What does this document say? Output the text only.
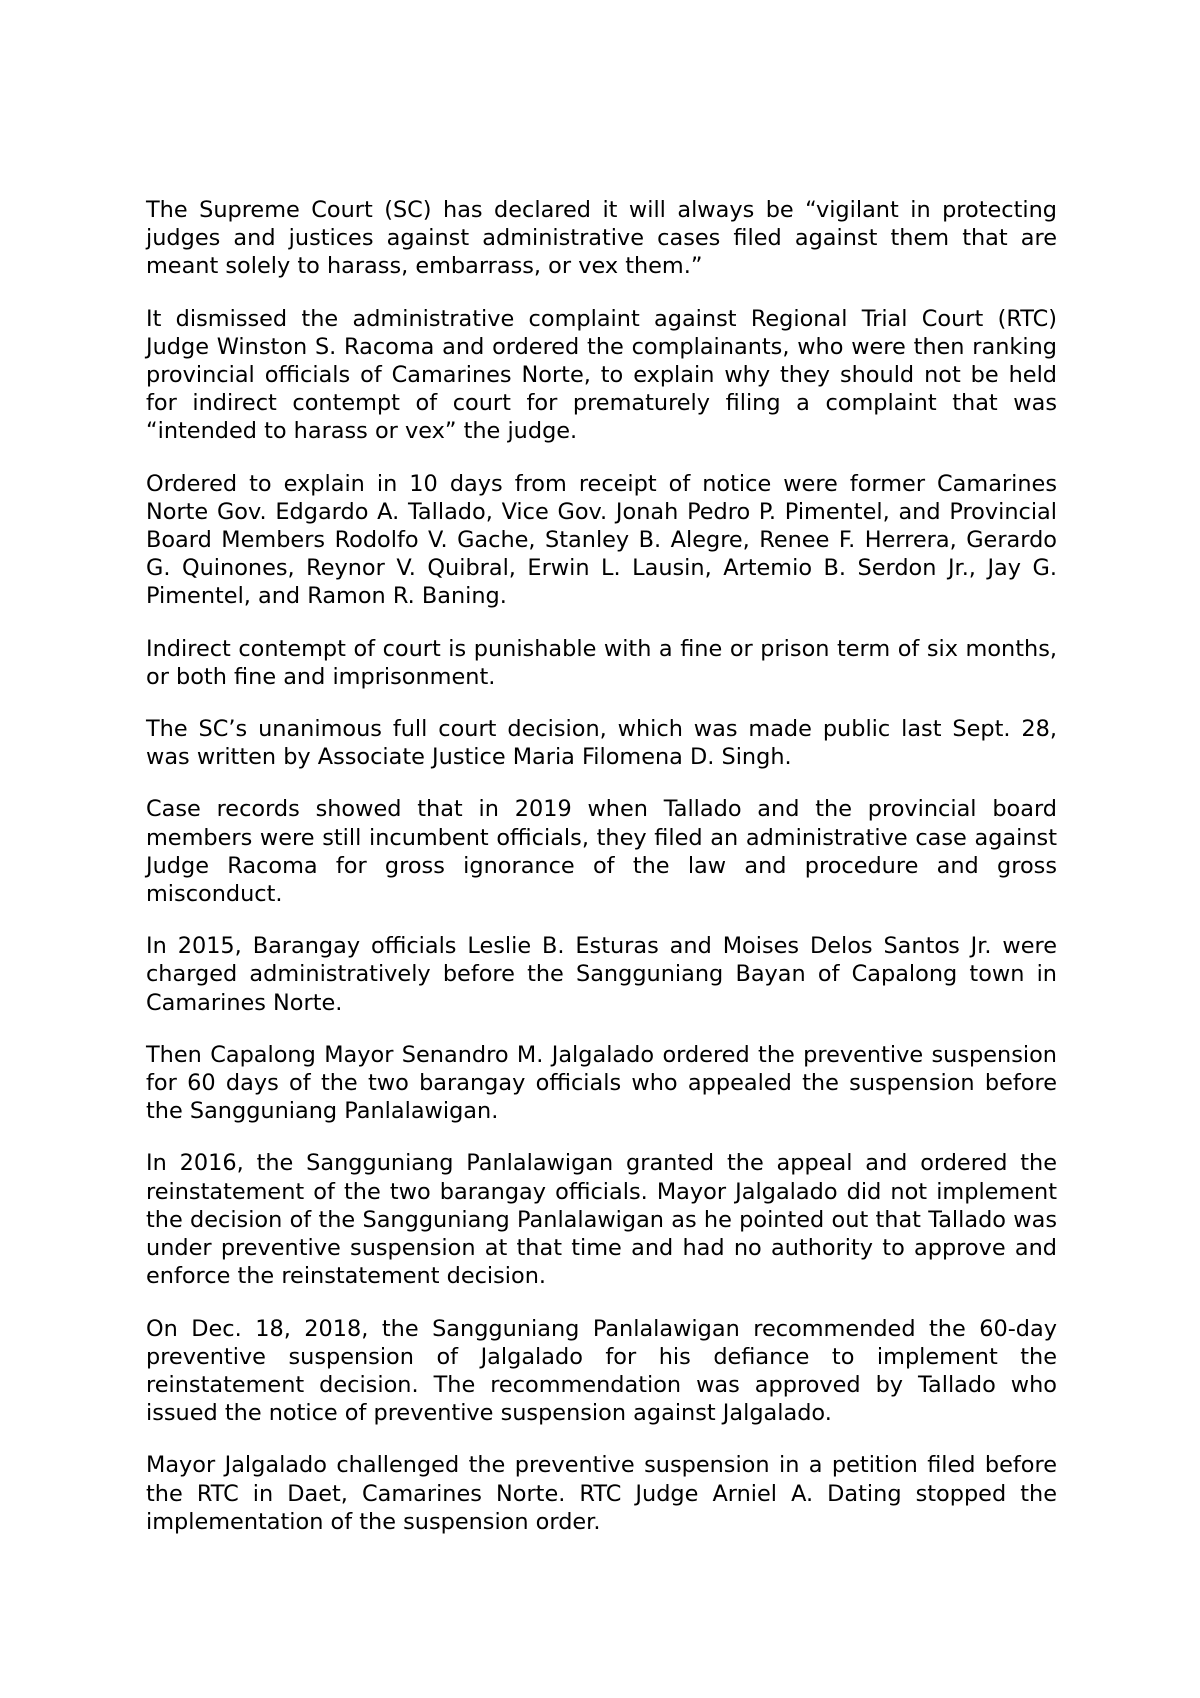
The Supreme Court (SC) has declared it will always be “vigilant in protecting judges and justices against administrative cases filed against them that are meant solely to harass, embarrass, or vex them.”

It dismissed the administrative complaint against Regional Trial Court (RTC) Judge Winston S. Racoma and ordered the complainants, who were then ranking provincial officials of Camarines Norte, to explain why they should not be held for indirect contempt of court for prematurely filing a complaint that was “intended to harass or vex” the judge.

Ordered to explain in 10 days from receipt of notice were former Camarines Norte Gov. Edgardo A. Tallado, Vice Gov. Jonah Pedro P. Pimentel, and Provincial Board Members Rodolfo V. Gache, Stanley B. Alegre, Renee F. Herrera, Gerardo G. Quinones, Reynor V. Quibral, Erwin L. Lausin, Artemio B. Serdon Jr., Jay G. Pimentel, and Ramon R. Baning.

Indirect contempt of court is punishable with a fine or prison term of six months, or both fine and imprisonment.

The SC’s unanimous full court decision, which was made public last Sept. 28, was written by Associate Justice Maria Filomena D. Singh.

Case records showed that in 2019 when Tallado and the provincial board members were still incumbent officials, they filed an administrative case against Judge Racoma for gross ignorance of the law and procedure and gross misconduct.

In 2015, Barangay officials Leslie B. Esturas and Moises Delos Santos Jr. were charged administratively before the Sangguniang Bayan of Capalong town in Camarines Norte.

Then Capalong Mayor Senandro M. Jalgalado ordered the preventive suspension for 60 days of the two barangay officials who appealed the suspension before the Sangguniang Panlalawigan.

In 2016, the Sangguniang Panlalawigan granted the appeal and ordered the reinstatement of the two barangay officials. Mayor Jalgalado did not implement the decision of the Sangguniang Panlalawigan as he pointed out that Tallado was under preventive suspension at that time and had no authority to approve and enforce the reinstatement decision.

On Dec. 18, 2018, the Sangguniang Panlalawigan recommended the 60-day preventive suspension of Jalgalado for his defiance to implement the reinstatement decision. The recommendation was approved by Tallado who issued the notice of preventive suspension against Jalgalado.

Mayor Jalgalado challenged the preventive suspension in a petition filed before the RTC in Daet, Camarines Norte. RTC Judge Arniel A. Dating stopped the implementation of the suspension order.
